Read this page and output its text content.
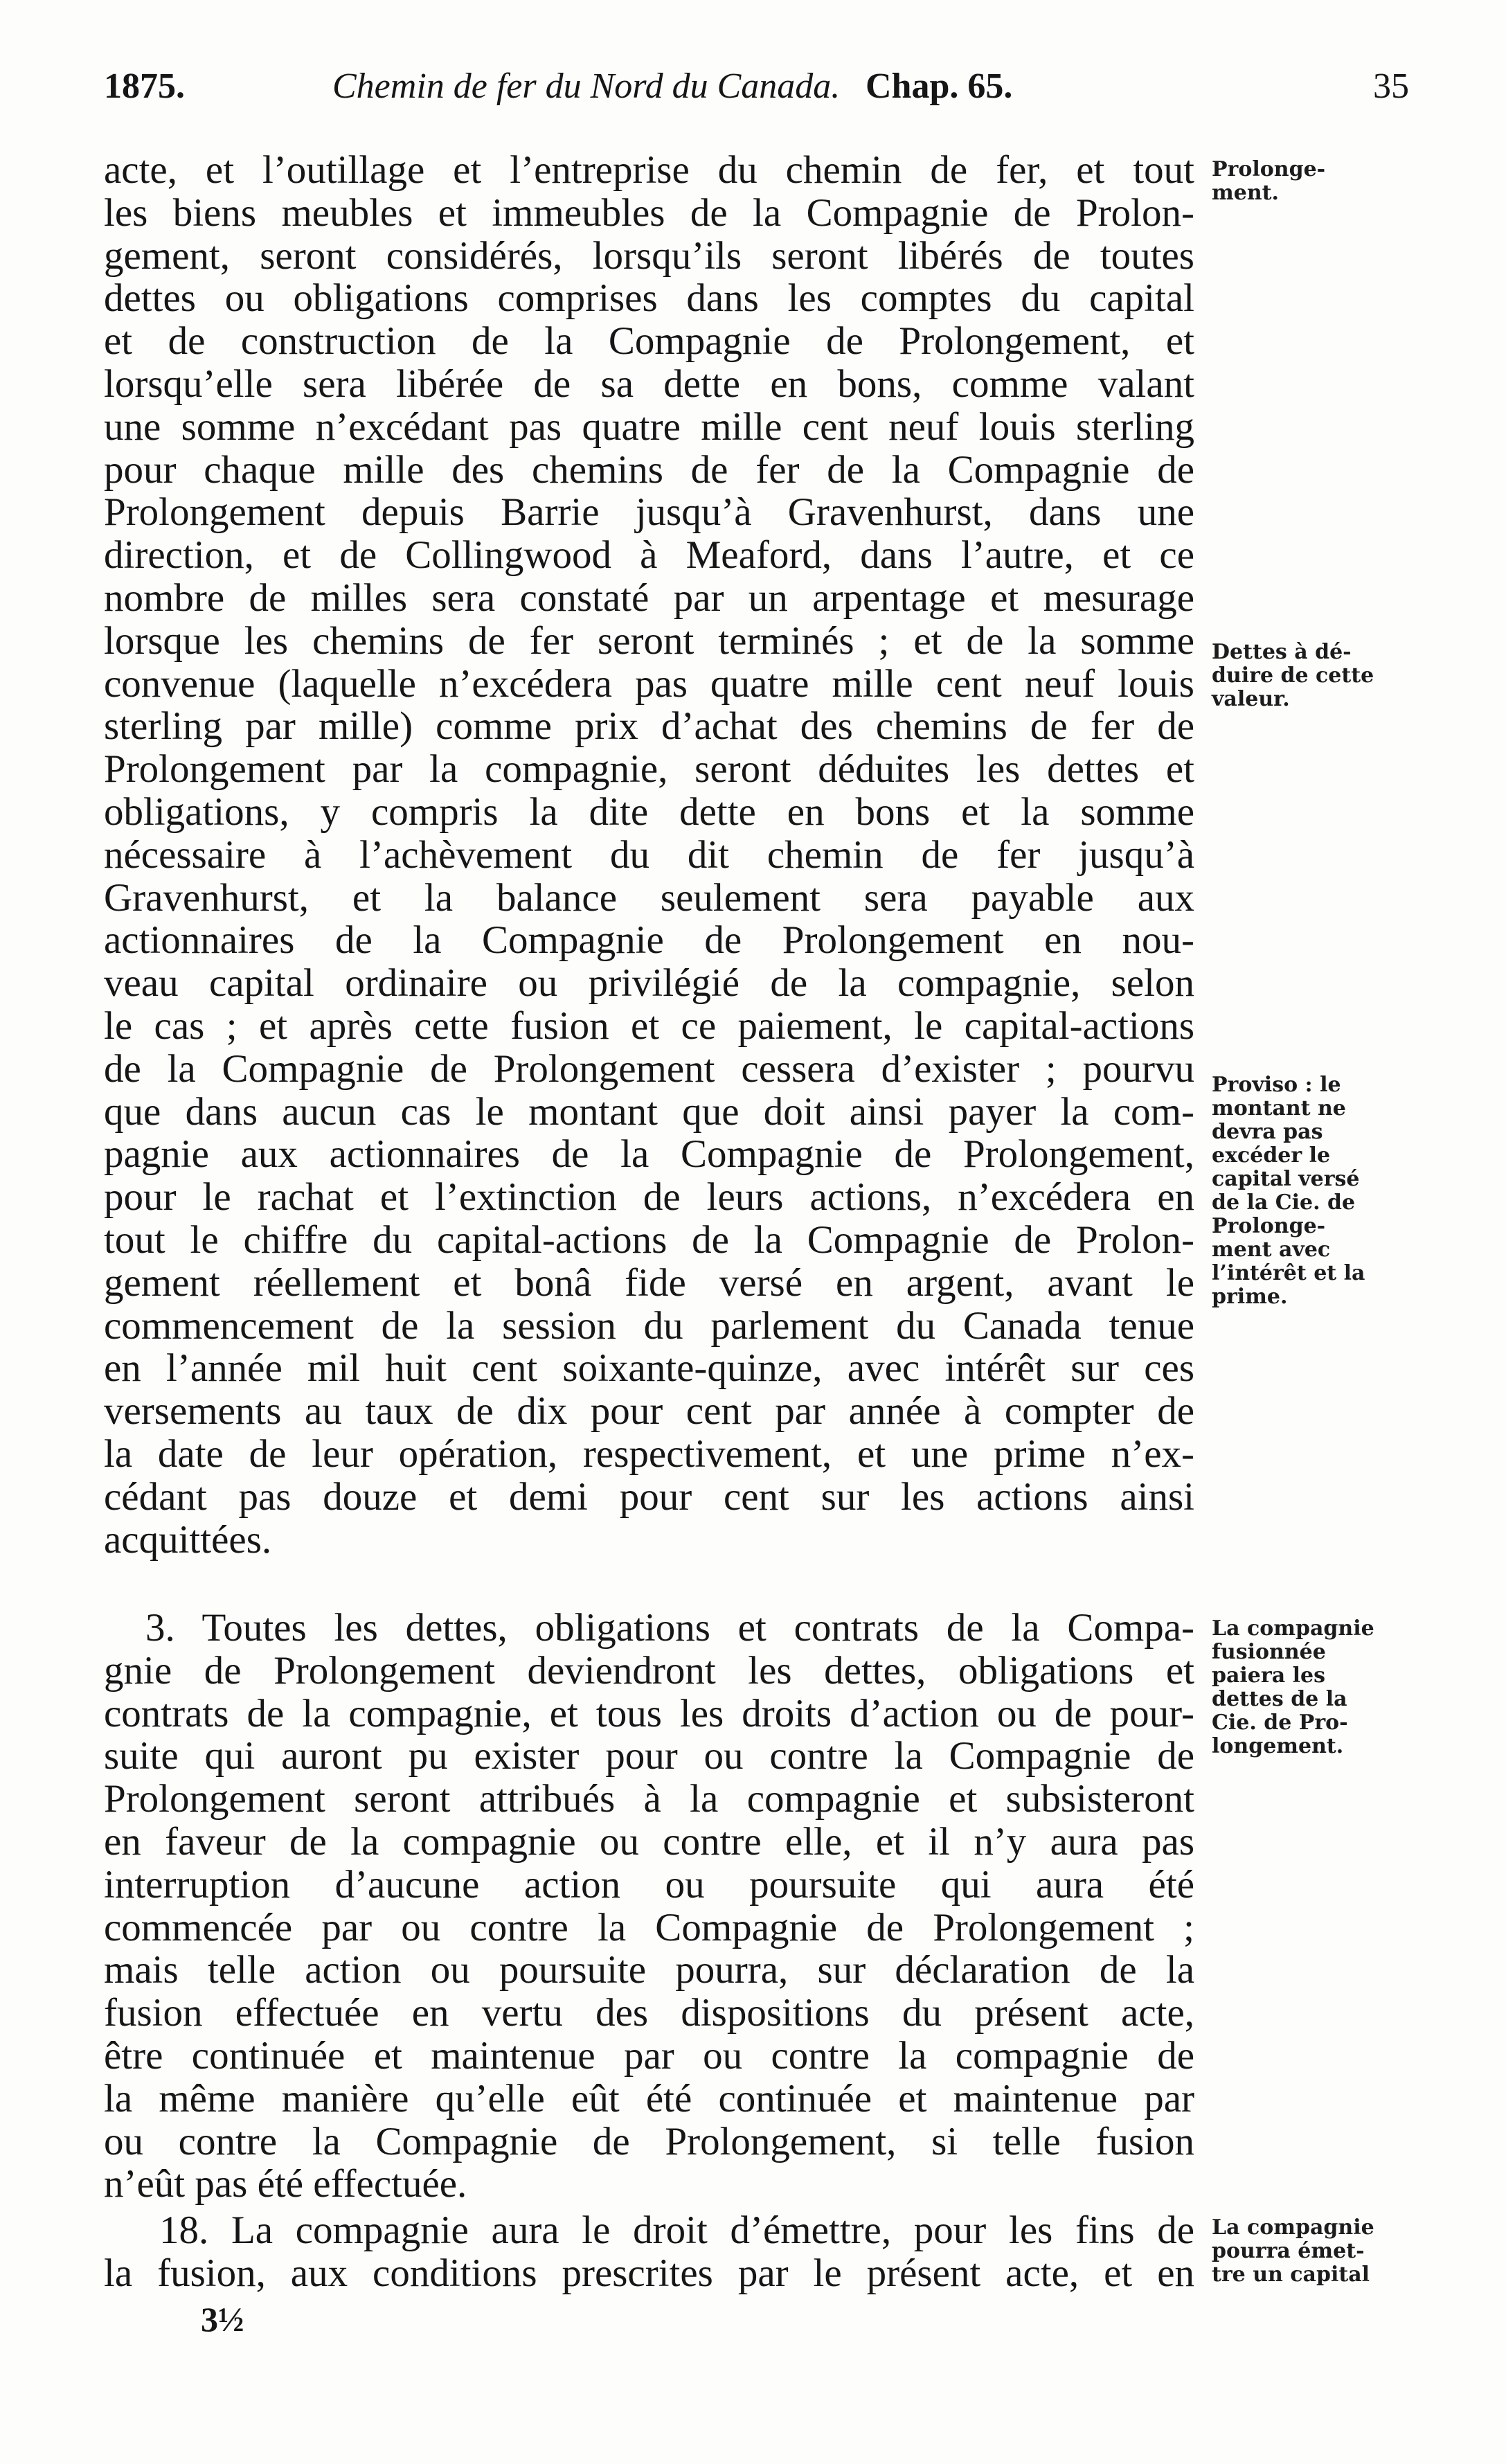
1875.	Chemin de fer du Nord du Canada. Chap. 65.	35
acte, et l’outillage et l’entreprise du chemin de fer, et tout
les biens meubles et immeubles de la Compagnie de Prolon-
gement, seront considérés, lorsqu’ils seront libérés de toutes
dettes ou obligations comprises dans les comptes du capital
et de construction de la Compagnie de Prolongement, et
lorsqu’elle sera libérée de sa dette en bons, comme valant
une somme n’excédant pas quatre mille cent neuf louis sterling
pour chaque mille des chemins de fer de la Compagnie de
Prolongement depuis Barrie jusqu’à Gravenhurst, dans une
direction, et de Collingwood à Meaford, dans l’autre, et ce
nombre de milles sera constaté par un arpentage et mesurage
lorsque les chemins de fer seront terminés ; et de la somme
convenue (laquelle n’excédera pas quatre mille cent neuf louis
sterling par mille) comme prix d’achat des chemins de fer de
Prolongement par la compagnie, seront déduites les dettes et
obligations, y compris la dite dette en bons et la somme
nécessaire à l’achèvement du dit chemin de fer jusqu’à
Gravenhurst, et la balance seulement sera payable aux
actionnaires de la Compagnie de Prolongement en nou-
veau capital ordinaire ou privilégié de la compagnie, selon
le cas ; et après cette fusion et ce paiement, le capital-actions
de la Compagnie de Prolongement cessera d’exister ; pourvu
que dans aucun cas le montant que doit ainsi payer la com-
pagnie aux actionnaires de la Compagnie de Prolongement,
pour le rachat et l’extinction de leurs actions, n’excédera en
tout le chiffre du capital-actions de la Compagnie de Prolon-
gement réellement et bonâ fide versé en argent, avant le
commencement de la session du parlement du Canada tenue
en l’année mil huit cent soixante-quinze, avec intérêt sur ces
versements au taux de dix pour cent par année à compter de
la date de leur opération, respectivement, et une prime n’ex-
cédant pas douze et demi pour cent sur les actions ainsi
acquittées.
3. Toutes les dettes, obligations et contrats de la Compa-
gnie de Prolongement deviendront les dettes, obligations et
contrats de la compagnie, et tous les droits d’action ou de pour-
suite qui auront pu exister pour ou contre la Compagnie de
Prolongement seront attribués à la compagnie et subsisteront
en faveur de la compagnie ou contre elle, et il n’y aura pas
interruption d’aucune action ou poursuite qui aura été
commencée par ou contre la Compagnie de Prolongement ;
mais telle action ou poursuite pourra, sur déclaration de la
fusion effectuée en vertu des dispositions du présent acte,
être continuée et maintenue par ou contre la compagnie de
la même manière qu’elle eût été continuée et maintenue par
ou contre la Compagnie de Prolongement, si telle fusion
n’eût pas été effectuée.
18. La compagnie aura le droit d’émettre, pour les fins de
la fusion, aux conditions prescrites par le présent acte, et en
Prolonge-
ment.
Dettes à dé-
duire de cette
valeur.
Proviso : le
montant ne
devra pas
excéder le
capital versé
de la Cie. de
Prolonge-
ment avec
l’intérêt et la
prime.
La compagnie
fusionnée
paiera les
dettes de la
Cie. de Pro-
longement.
La compagnie
pourra émet-
tre un capital
3½
